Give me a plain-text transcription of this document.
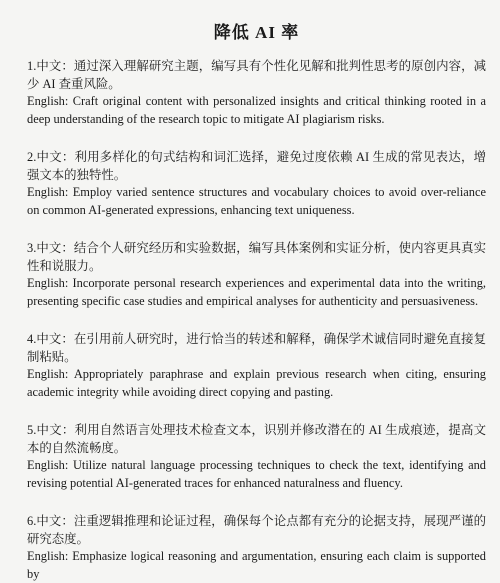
降低 AI 率

1.中文：通过深入理解研究主题，编写具有个性化见解和批判性思考的原创内容，减少 AI 查重风险。

English: Craft original content with personalized insights and critical thinking rooted in a deep understanding of the research topic to mitigate AI plagiarism risks.

2.中文：利用多样化的句式结构和词汇选择，避免过度依赖 AI 生成的常见表达，增强文本的独特性。

English: Employ varied sentence structures and vocabulary choices to avoid over-reliance on common AI-generated expressions, enhancing text uniqueness.

3.中文：结合个人研究经历和实验数据，编写具体案例和实证分析，使内容更具真实性和说服力。

English: Incorporate personal research experiences and experimental data into the writing, presenting specific case studies and empirical analyses for authenticity and persuasiveness.

4.中文：在引用前人研究时，进行恰当的转述和解释，确保学术诚信同时避免直接复制粘贴。

English: Appropriately paraphrase and explain previous research when citing, ensuring academic integrity while avoiding direct copying and pasting.

5.中文：利用自然语言处理技术检查文本，识别并修改潜在的 AI 生成痕迹，提高文本的自然流畅度。

English: Utilize natural language processing techniques to check the text, identifying and revising potential AI-generated traces for enhanced naturalness and fluency.

6.中文：注重逻辑推理和论证过程，确保每个论点都有充分的论据支持，展现严谨的研究态度。

English: Emphasize logical reasoning and argumentation, ensuring each claim is supported by
